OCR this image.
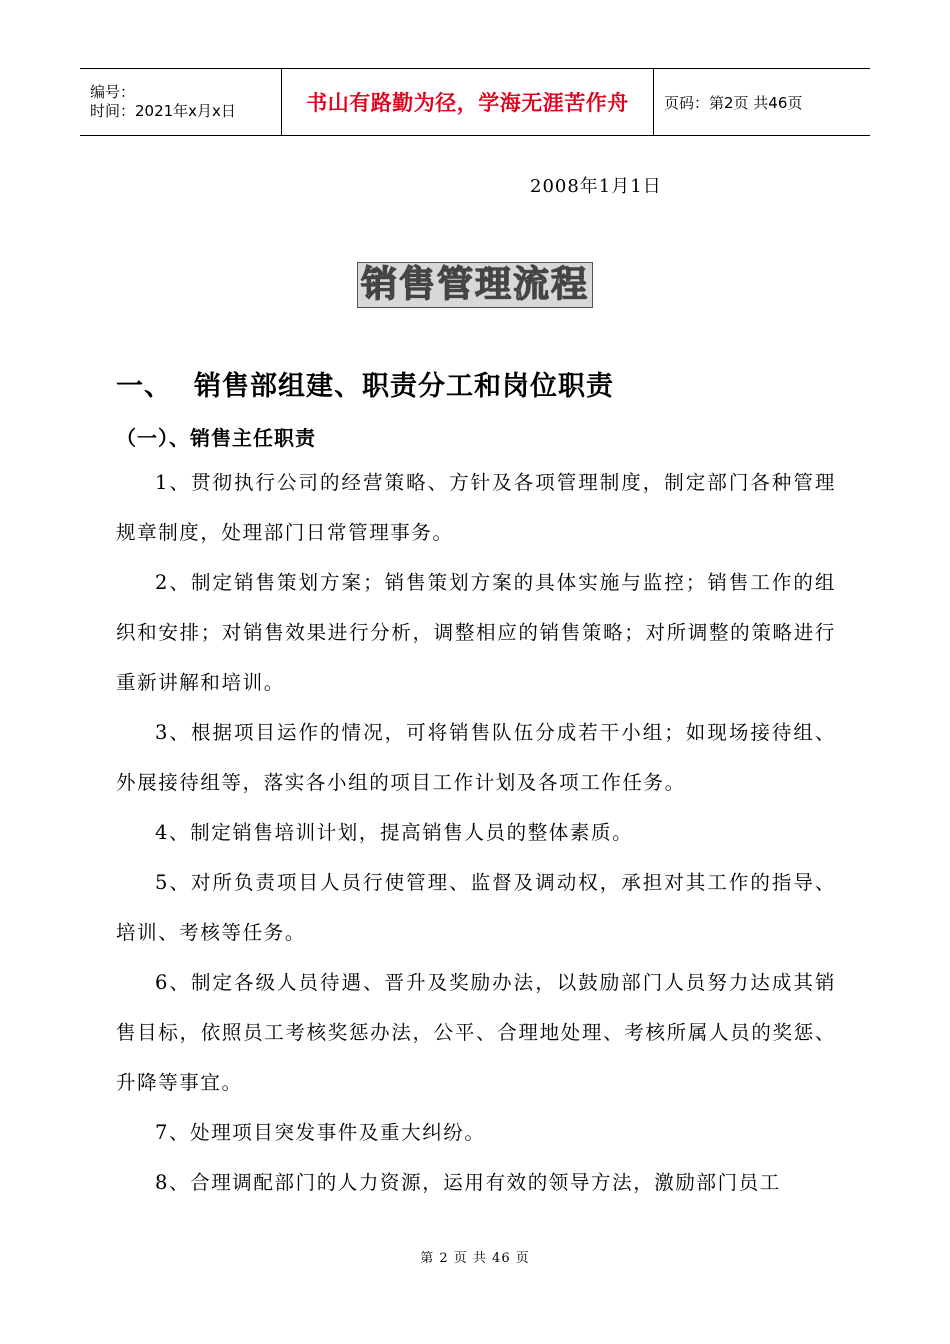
编号：
时间：2021年x月x日	书山有路勤为径，学海无涯苦作舟	页码：第2页 共46页
2008年1月1日
销售管理流程
一、 销售部组建、职责分工和岗位职责
（一）、销售主任职责

1、贯彻执行公司的经营策略、方针及各项管理制度，制定部门各种管理规章制度，处理部门日常管理事务。

2、制定销售策划方案；销售策划方案的具体实施与监控；销售工作的组织和安排；对销售效果进行分析，调整相应的销售策略；对所调整的策略进行重新讲解和培训。

3、根据项目运作的情况，可将销售队伍分成若干小组；如现场接待组、外展接待组等，落实各小组的项目工作计划及各项工作任务。

4、制定销售培训计划，提高销售人员的整体素质。

5、对所负责项目人员行使管理、监督及调动权，承担对其工作的指导、培训、考核等任务。

6、制定各级人员待遇、晋升及奖励办法，以鼓励部门人员努力达成其销售目标，依照员工考核奖惩办法，公平、合理地处理、考核所属人员的奖惩、升降等事宜。

7、处理项目突发事件及重大纠纷。

8、合理调配部门的人力资源，运用有效的领导方法，激励部门员工

第 2 页 共 46 页
